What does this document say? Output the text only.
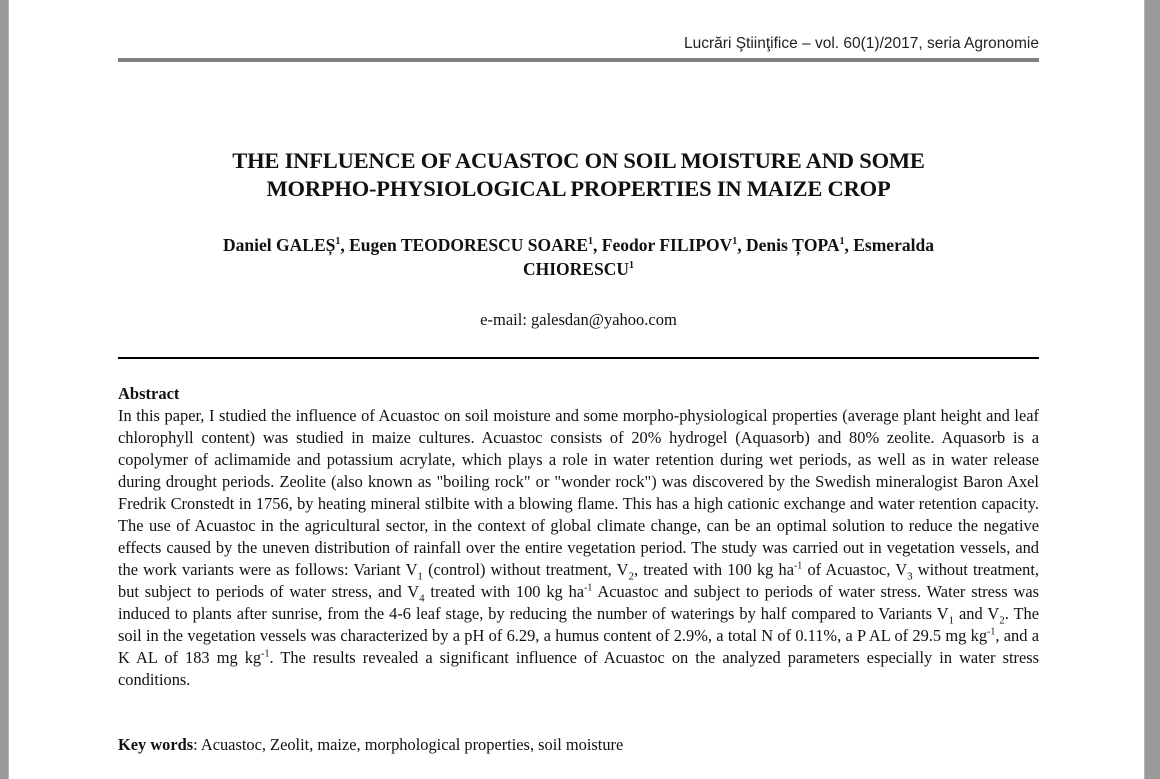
Lucrări Ştiinţifice – vol. 60(1)/2017, seria Agronomie
THE INFLUENCE OF ACUASTOC ON SOIL MOISTURE AND SOME
MORPHO-PHYSIOLOGICAL PROPERTIES IN MAIZE CROP
Daniel GALEȘ$^1$, Eugen TEODORESCU SOARE$^1$, Feodor FILIPOV$^1$, Denis ȚOPA$^1$, Esmeralda
CHIORESCU$^1$
e-mail: galesdan@yahoo.com
Abstract

In this paper, I studied the influence of Acuastoc on soil moisture and some morpho-physiological properties (average plant height and leaf chlorophyll content) was studied in maize cultures. Acuastoc consists of 20% hydrogel (Aquasorb) and 80% zeolite. Aquasorb is a copolymer of aclimamide and potassium acrylate, which plays a role in water retention during wet periods, as well as in water release during drought periods. Zeolite (also known as "boiling rock" or "wonder rock") was discovered by the Swedish mineralogist Baron Axel Fredrik Cronstedt in 1756, by heating mineral stilbite with a blowing flame. This has a high cationic exchange and water retention capacity. The use of Acuastoc in the agricultural sector, in the context of global climate change, can be an optimal solution to reduce the negative effects caused by the uneven distribution of rainfall over the entire vegetation period. The study was carried out in vegetation vessels, and the work variants were as follows: Variant $V_1$ (control) without treatment, $V_2$, treated with 100 kg $ha^{-1}$ of Acuastoc, $V_3$ without treatment, but subject to periods of water stress, and $V_4$ treated with 100 kg $ha^{-1}$ Acuastoc and subject to periods of water stress. Water stress was induced to plants after sunrise, from the 4-6 leaf stage, by reducing the number of waterings by half compared to Variants $V_1$ and $V_2$. The soil in the vegetation vessels was characterized by a pH of 6.29, a humus content of 2.9%, a total N of 0.11%, a P AL of 29.5 mg $kg^{-1}$, and a K AL of 183 mg $kg^{-1}$. The results revealed a significant influence of Acuastoc on the analyzed parameters especially in water stress conditions.

Key words: Acuastoc, Zeolit, maize, morphological properties, soil moisture
